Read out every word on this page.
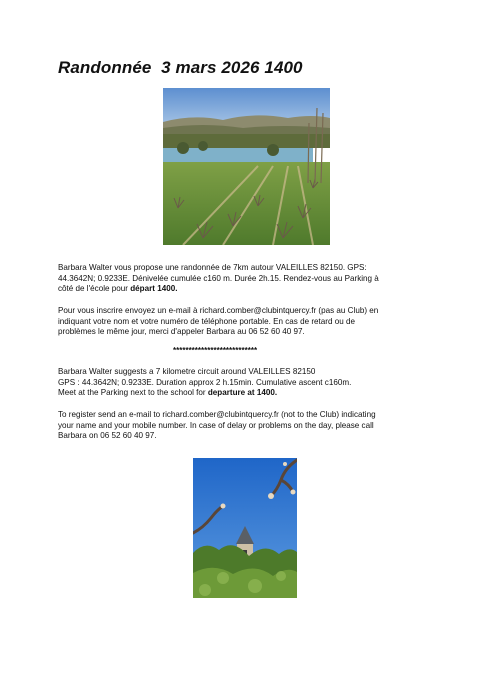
Randonnée  3 mars 2026 1400

Barbara Walter vous propose une randonnée de 7km autour VALEILLES 82150. GPS:
44.3642N; 0.9233E. Dénivelée cumulée c160 m. Durée 2h.15. Rendez-vous au Parking à
côté de l'école pour départ 1400.

Pour vous inscrire envoyez un e-mail à richard.comber@clubintquercy.fr (pas au Club) en
indiquant votre nom et votre numéro de téléphone portable. En cas de retard ou de
problèmes le même jour, merci d'appeler Barbara au 06 52 60 40 97.

***************************

Barbara Walter suggests a 7 kilometre circuit around VALEILLES 82150
GPS : 44.3642N; 0.9233E. Duration approx 2 h.15min. Cumulative ascent c160m.
Meet at the Parking next to the school for departure at 1400.

To register send an e-mail to richard.comber@clubintquercy.fr (not to the Club) indicating
your name and your mobile number. In case of delay or problems on the day, please call
Barbara on 06 52 60 40 97.
